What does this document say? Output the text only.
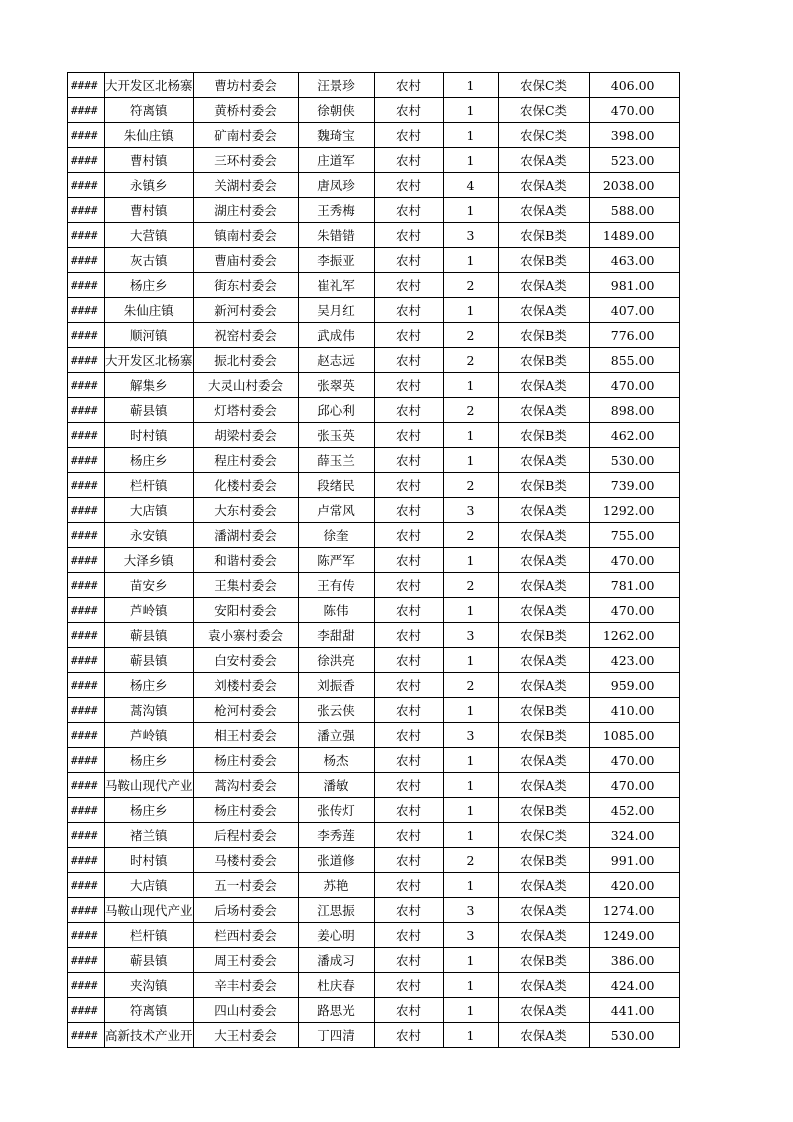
####	大开发区北杨寨	曹坊村委会	汪景珍	农村	1	农保C类	406.00
####	符离镇	黄桥村委会	徐朝侠	农村	1	农保C类	470.00
####	朱仙庄镇	矿南村委会	魏琦宝	农村	1	农保C类	398.00
####	曹村镇	三环村委会	庄道军	农村	1	农保A类	523.00
####	永镇乡	关湖村委会	唐凤珍	农村	4	农保A类	2038.00
####	曹村镇	湖庄村委会	王秀梅	农村	1	农保A类	588.00
####	大营镇	镇南村委会	朱错错	农村	3	农保B类	1489.00
####	灰古镇	曹庙村委会	李振亚	农村	1	农保B类	463.00
####	杨庄乡	街东村委会	崔礼军	农村	2	农保A类	981.00
####	朱仙庄镇	新河村委会	吴月红	农村	1	农保A类	407.00
####	顺河镇	祝窑村委会	武成伟	农村	2	农保B类	776.00
####	大开发区北杨寨	振北村委会	赵志远	农村	2	农保B类	855.00
####	解集乡	大灵山村委会	张翠英	农村	1	农保A类	470.00
####	蕲县镇	灯塔村委会	邱心利	农村	2	农保A类	898.00
####	时村镇	胡梁村委会	张玉英	农村	1	农保B类	462.00
####	杨庄乡	程庄村委会	薛玉兰	农村	1	农保A类	530.00
####	栏杆镇	化楼村委会	段绪民	农村	2	农保B类	739.00
####	大店镇	大东村委会	卢常风	农村	3	农保A类	1292.00
####	永安镇	潘湖村委会	徐奎	农村	2	农保A类	755.00
####	大泽乡镇	和谐村委会	陈严军	农村	1	农保A类	470.00
####	苗安乡	王集村委会	王有传	农村	2	农保A类	781.00
####	芦岭镇	安阳村委会	陈伟	农村	1	农保A类	470.00
####	蕲县镇	袁小寨村委会	李甜甜	农村	3	农保B类	1262.00
####	蕲县镇	白安村委会	徐洪亮	农村	1	农保A类	423.00
####	杨庄乡	刘楼村委会	刘振香	农村	2	农保A类	959.00
####	蒿沟镇	枪河村委会	张云侠	农村	1	农保B类	410.00
####	芦岭镇	相王村委会	潘立强	农村	3	农保B类	1085.00
####	杨庄乡	杨庄村委会	杨杰	农村	1	农保A类	470.00
####	马鞍山现代产业	蒿沟村委会	潘敏	农村	1	农保A类	470.00
####	杨庄乡	杨庄村委会	张传灯	农村	1	农保B类	452.00
####	褚兰镇	后程村委会	李秀莲	农村	1	农保C类	324.00
####	时村镇	马楼村委会	张道修	农村	2	农保B类	991.00
####	大店镇	五一村委会	苏艳	农村	1	农保A类	420.00
####	马鞍山现代产业	后场村委会	江思振	农村	3	农保A类	1274.00
####	栏杆镇	栏西村委会	姜心明	农村	3	农保A类	1249.00
####	蕲县镇	周王村委会	潘成习	农村	1	农保B类	386.00
####	夹沟镇	辛丰村委会	杜庆春	农村	1	农保A类	424.00
####	符离镇	四山村委会	路思光	农村	1	农保A类	441.00
####	高新技术产业开	大王村委会	丁四清	农村	1	农保A类	530.00
